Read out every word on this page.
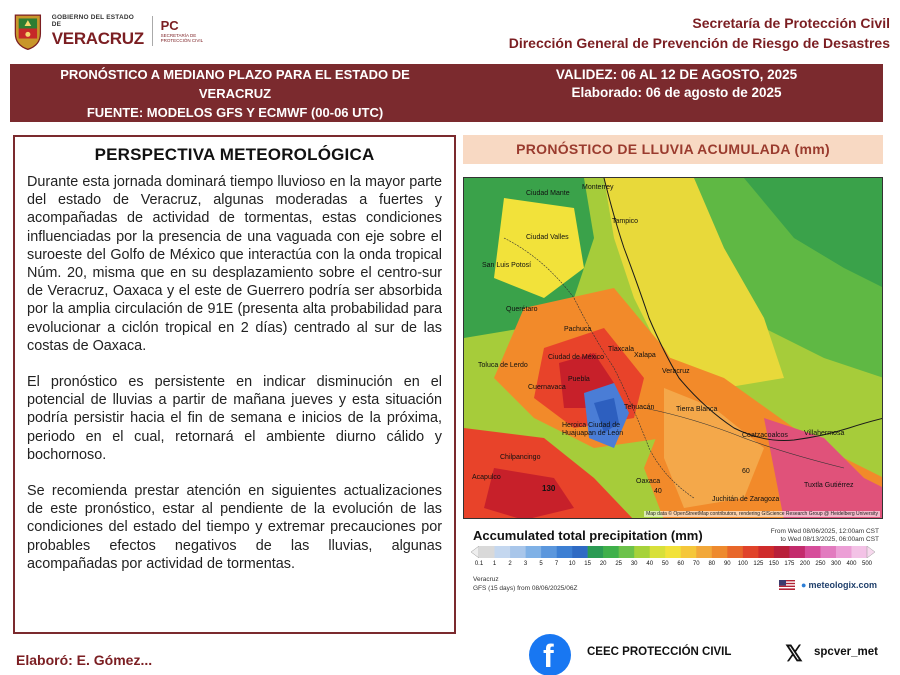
GOBIERNO DEL ESTADO DE
VERACRUZ
PC
SECRETARÍA DE PROTECCIÓN CIVIL
Secretaría de Protección Civil
Dirección General de Prevención de Riesgo de Desastres
PRONÓSTICO A MEDIANO PLAZO PARA EL ESTADO DE
VERACRUZ
FUENTE: MODELOS GFS Y ECMWF (00-06 UTC)
VALIDEZ: 06 AL 12 DE AGOSTO, 2025
Elaborado: 06 de agosto de 2025
PERSPECTIVA METEOROLÓGICA

Durante esta jornada dominará tiempo lluvioso en la mayor parte del estado de Veracruz, algunas moderadas a fuertes y acompañadas de actividad de tormentas, estas condiciones influenciadas por la presencia de una vaguada con eje sobre el suroeste del Golfo de México que interactúa con la onda tropical Núm. 20, misma que en su desplazamiento sobre el centro-sur de Veracruz, Oaxaca y el este de Guerrero podría ser absorbida por la amplia circulación de 91E (presenta alta probabilidad para evolucionar a ciclón tropical en 2 días) centrado al sur de las costas de Oaxaca.

El pronóstico es persistente en indicar disminución en el potencial de lluvias a partir de mañana jueves y esta situación podría persistir hacia el fin de semana e inicios de la próxima, periodo en el cual, retornará el ambiente diurno cálido y bochornoso.

Se recomienda prestar atención en siguientes actualizaciones de este pronóstico, estar al pendiente de la evolución de las condiciones del estado del tiempo y extremar precauciones por probables efectos negativos de las lluvias, algunas acompañadas por actividad de tormentas.

PRONÓSTICO DE LLUVIA ACUMULADA (mm)
Monterrey
Ciudad Mante
Tampico
Ciudad Valles
San Luis Potosí
Querétaro
Pachuca
Tlaxcala
Ciudad de México
Toluca de Lerdo
Puebla
Cuernavaca
Xalapa
Veracruz
Tehuacán
Heroica Ciudad de Huajuapan de León
Tierra Blanca
Oaxaca
Coatzacoalcos Villahermosa
Chilpancingo
Acapulco
Juchitán de Zaragoza
Tuxtla Gutiérrez
130
60
40
Map data © OpenStreetMap contributors, rendering GIScience Research Group @ Heidelberg University
Accumulated total precipitation (mm)	From Wed 08/06/2025, 12:00am CST
to Wed 08/13/2025, 06:00am CST
0.1 1 2 3 5 7 10 15 20 25 30 40 50 60 70 80 90 100 125 150 175 200 250 300 400 500
Veracruz
GFS (15 days) from 08/06/2025/06Z	● meteologix.com
Elaboró: E. Gómez...	f	CEEC PROTECCIÓN CIVIL 𝕏 spcver_met
